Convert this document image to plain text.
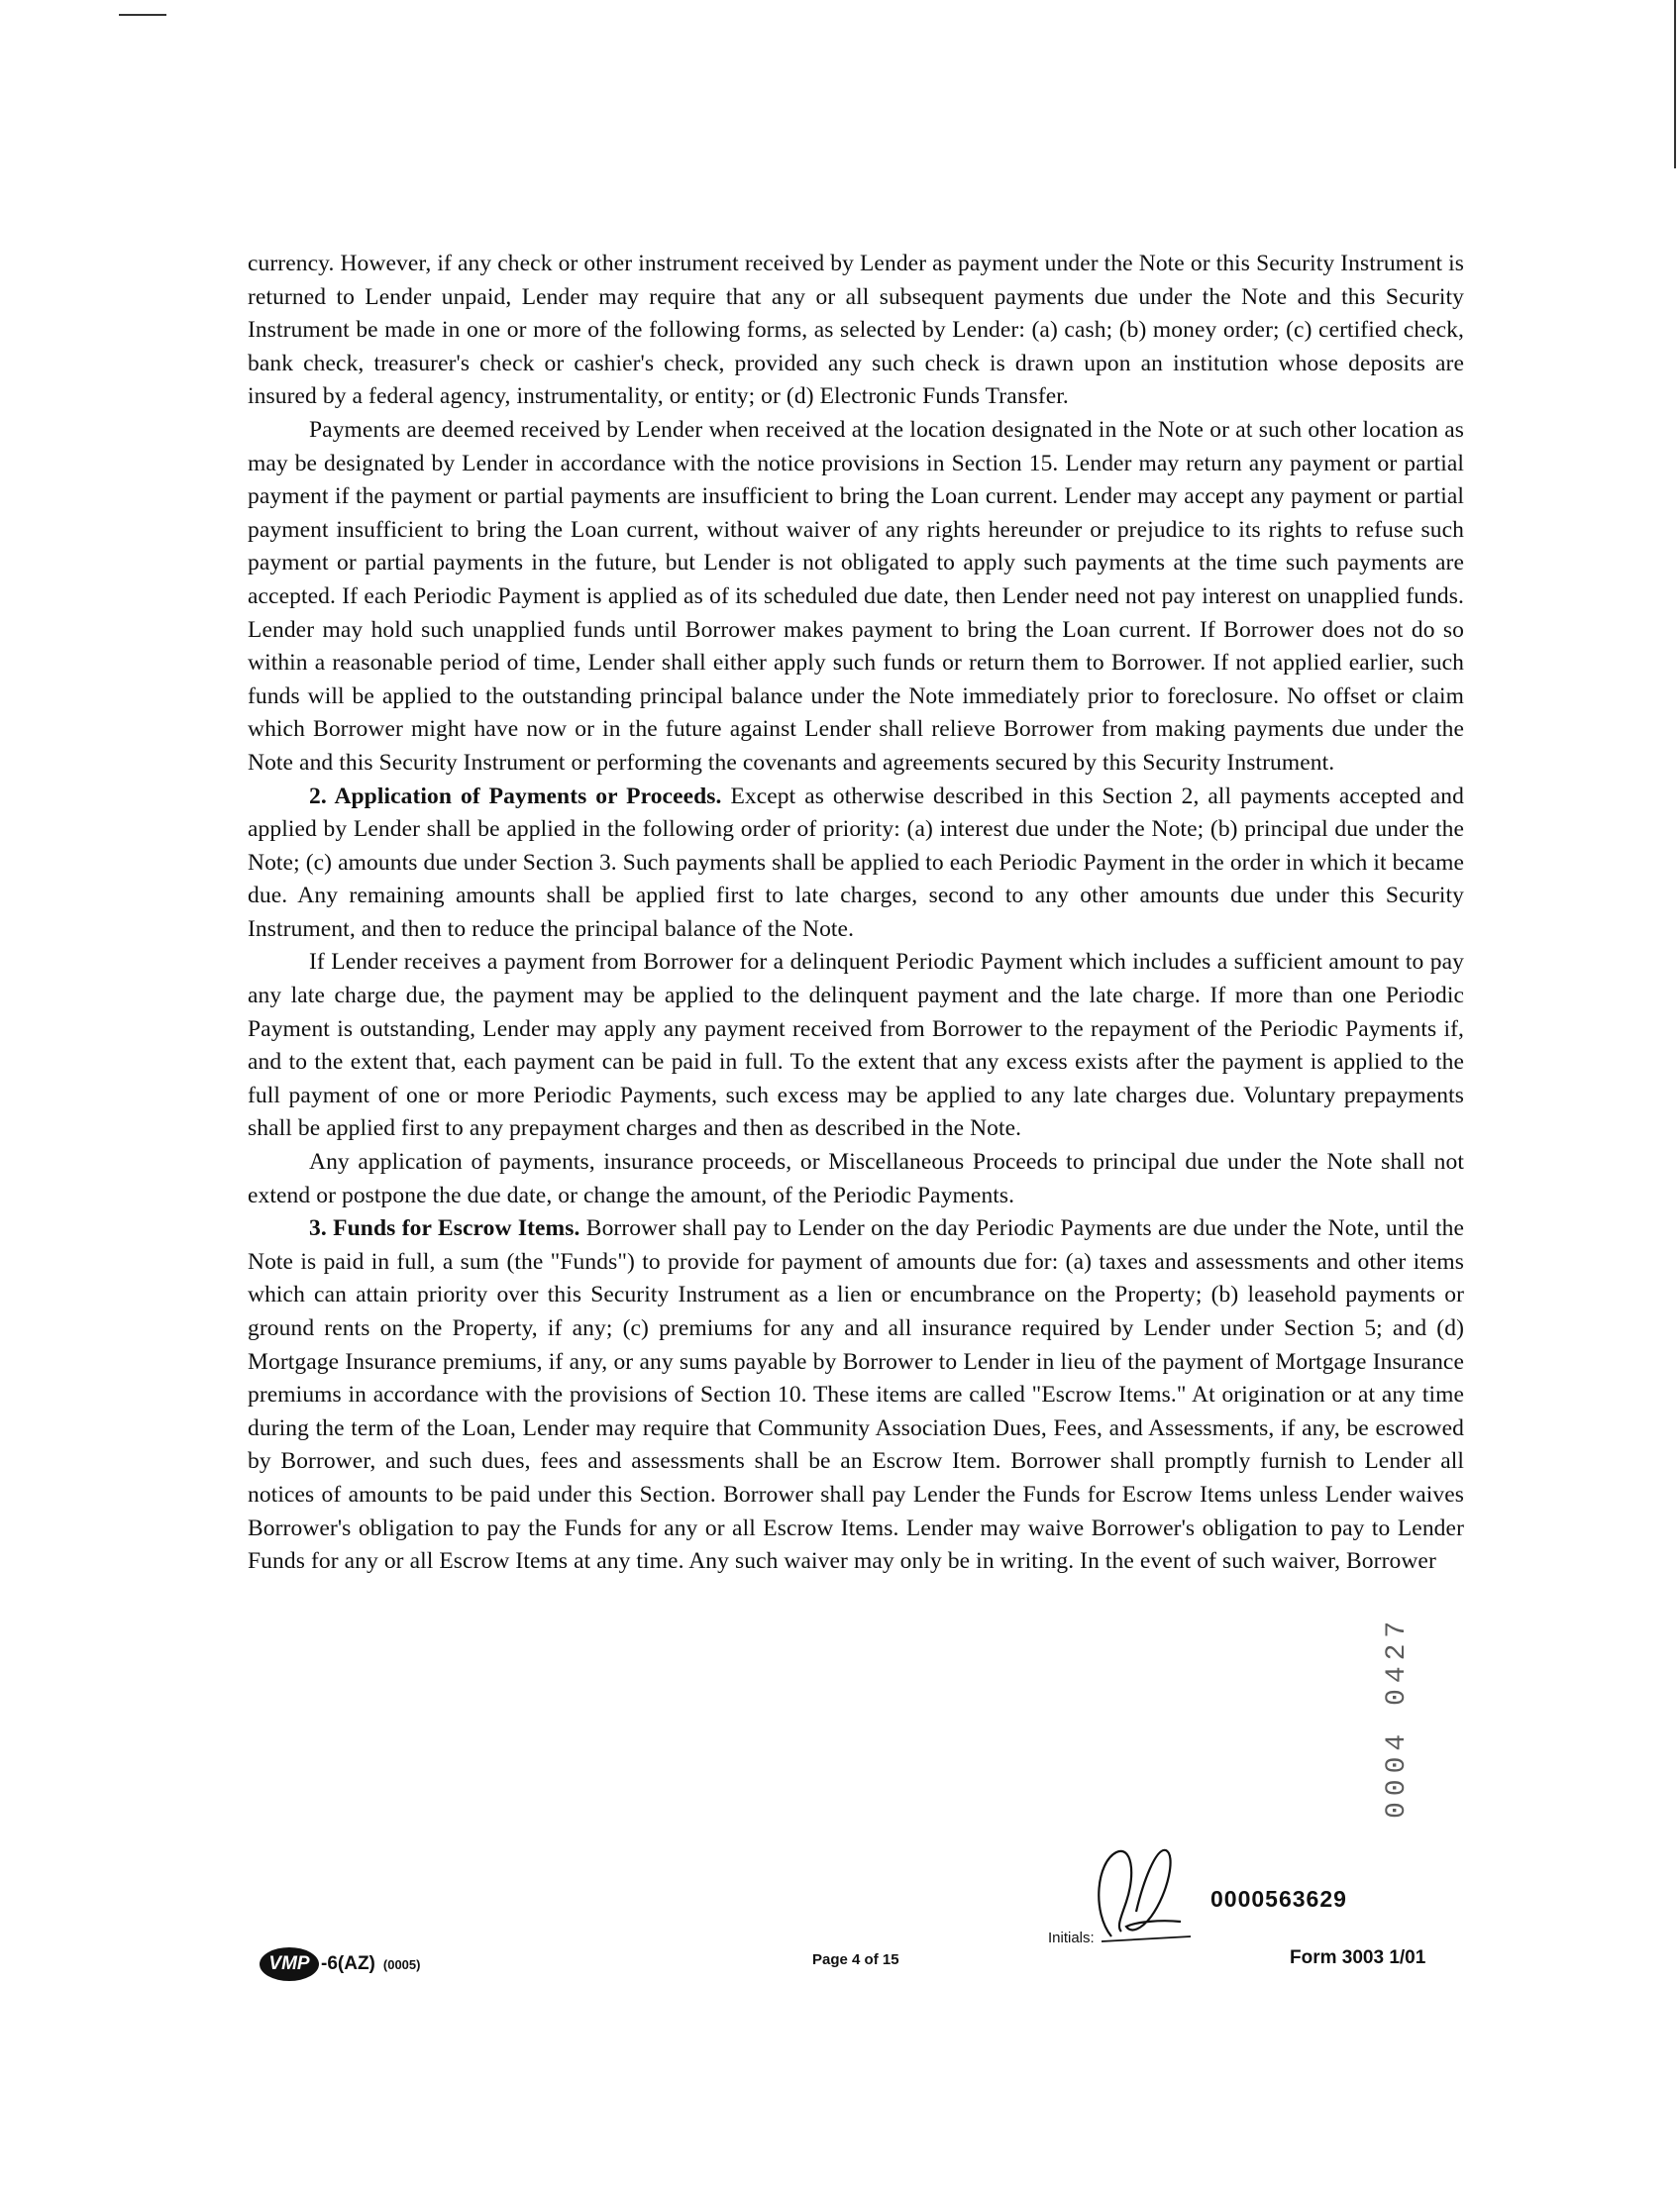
currency. However, if any check or other instrument received by Lender as payment under the Note or this Security Instrument is returned to Lender unpaid, Lender may require that any or all subsequent payments due under the Note and this Security Instrument be made in one or more of the following forms, as selected by Lender: (a) cash; (b) money order; (c) certified check, bank check, treasurer's check or cashier's check, provided any such check is drawn upon an institution whose deposits are insured by a federal agency, instrumentality, or entity; or (d) Electronic Funds Transfer.

Payments are deemed received by Lender when received at the location designated in the Note or at such other location as may be designated by Lender in accordance with the notice provisions in Section 15. Lender may return any payment or partial payment if the payment or partial payments are insufficient to bring the Loan current. Lender may accept any payment or partial payment insufficient to bring the Loan current, without waiver of any rights hereunder or prejudice to its rights to refuse such payment or partial payments in the future, but Lender is not obligated to apply such payments at the time such payments are accepted. If each Periodic Payment is applied as of its scheduled due date, then Lender need not pay interest on unapplied funds. Lender may hold such unapplied funds until Borrower makes payment to bring the Loan current. If Borrower does not do so within a reasonable period of time, Lender shall either apply such funds or return them to Borrower. If not applied earlier, such funds will be applied to the outstanding principal balance under the Note immediately prior to foreclosure. No offset or claim which Borrower might have now or in the future against Lender shall relieve Borrower from making payments due under the Note and this Security Instrument or performing the covenants and agreements secured by this Security Instrument.

2. Application of Payments or Proceeds. Except as otherwise described in this Section 2, all payments accepted and applied by Lender shall be applied in the following order of priority: (a) interest due under the Note; (b) principal due under the Note; (c) amounts due under Section 3. Such payments shall be applied to each Periodic Payment in the order in which it became due. Any remaining amounts shall be applied first to late charges, second to any other amounts due under this Security Instrument, and then to reduce the principal balance of the Note.

If Lender receives a payment from Borrower for a delinquent Periodic Payment which includes a sufficient amount to pay any late charge due, the payment may be applied to the delinquent payment and the late charge. If more than one Periodic Payment is outstanding, Lender may apply any payment received from Borrower to the repayment of the Periodic Payments if, and to the extent that, each payment can be paid in full. To the extent that any excess exists after the payment is applied to the full payment of one or more Periodic Payments, such excess may be applied to any late charges due. Voluntary prepayments shall be applied first to any prepayment charges and then as described in the Note.

Any application of payments, insurance proceeds, or Miscellaneous Proceeds to principal due under the Note shall not extend or postpone the due date, or change the amount, of the Periodic Payments.

3. Funds for Escrow Items. Borrower shall pay to Lender on the day Periodic Payments are due under the Note, until the Note is paid in full, a sum (the "Funds") to provide for payment of amounts due for: (a) taxes and assessments and other items which can attain priority over this Security Instrument as a lien or encumbrance on the Property; (b) leasehold payments or ground rents on the Property, if any; (c) premiums for any and all insurance required by Lender under Section 5; and (d) Mortgage Insurance premiums, if any, or any sums payable by Borrower to Lender in lieu of the payment of Mortgage Insurance premiums in accordance with the provisions of Section 10. These items are called "Escrow Items." At origination or at any time during the term of the Loan, Lender may require that Community Association Dues, Fees, and Assessments, if any, be escrowed by Borrower, and such dues, fees and assessments shall be an Escrow Item. Borrower shall promptly furnish to Lender all notices of amounts to be paid under this Section. Borrower shall pay Lender the Funds for Escrow Items unless Lender waives Borrower's obligation to pay the Funds for any or all Escrow Items. Lender may waive Borrower's obligation to pay to Lender Funds for any or all Escrow Items at any time. Any such waiver may only be in writing. In the event of such waiver, Borrower

Initials:
0000563629
VMP -6(AZ) (0005)	Page 4 of 15	Form 3003 1/01
0004 0427
